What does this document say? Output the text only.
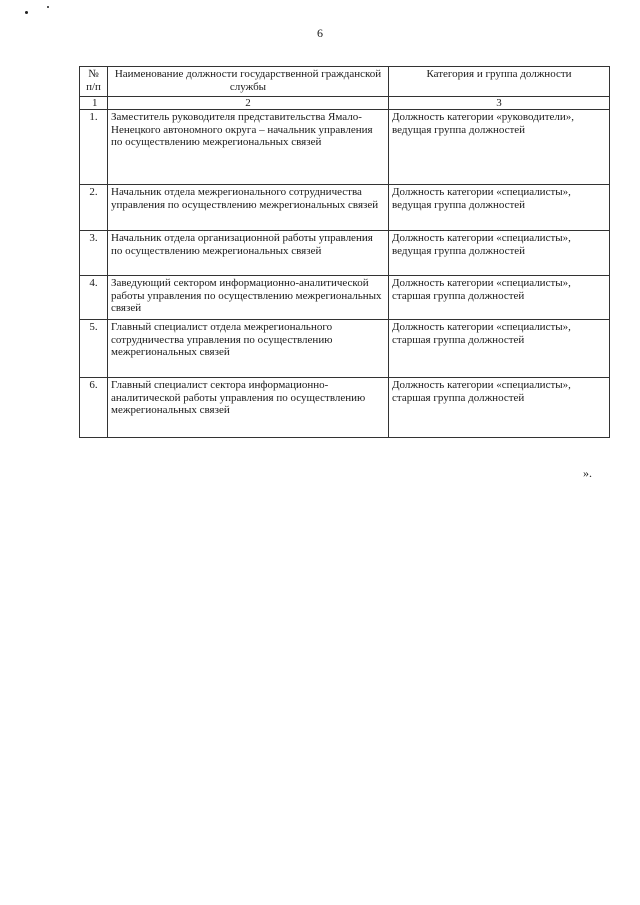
6
№ п/п	Наименование должности государственной гражданской службы	Категория и группа должности
1	2	3
1.	Заместитель руководителя представительства Ямало-Ненецкого автономного округа – начальник управления по осуществлению межрегиональных связей	Должность категории «руководители», ведущая группа должностей
2.	Начальник отдела межрегионального сотрудничества управления по осуществлению межрегиональных связей	Должность категории «специалисты», ведущая группа должностей
3.	Начальник отдела организационной работы управления по осуществлению межрегиональных связей	Должность категории «специалисты», ведущая группа должностей
4.	Заведующий сектором информационно-аналитической работы управления по осуществлению межрегиональных связей	Должность категории «специалисты», старшая группа должностей
5.	Главный специалист отдела межрегионального сотрудничества управления по осуществлению межрегиональных связей	Должность категории «специалисты», старшая группа должностей
6.	Главный специалист сектора информационно-аналитической работы управления по осуществлению межрегиональных связей	Должность категории «специалисты», старшая группа должностей
».
